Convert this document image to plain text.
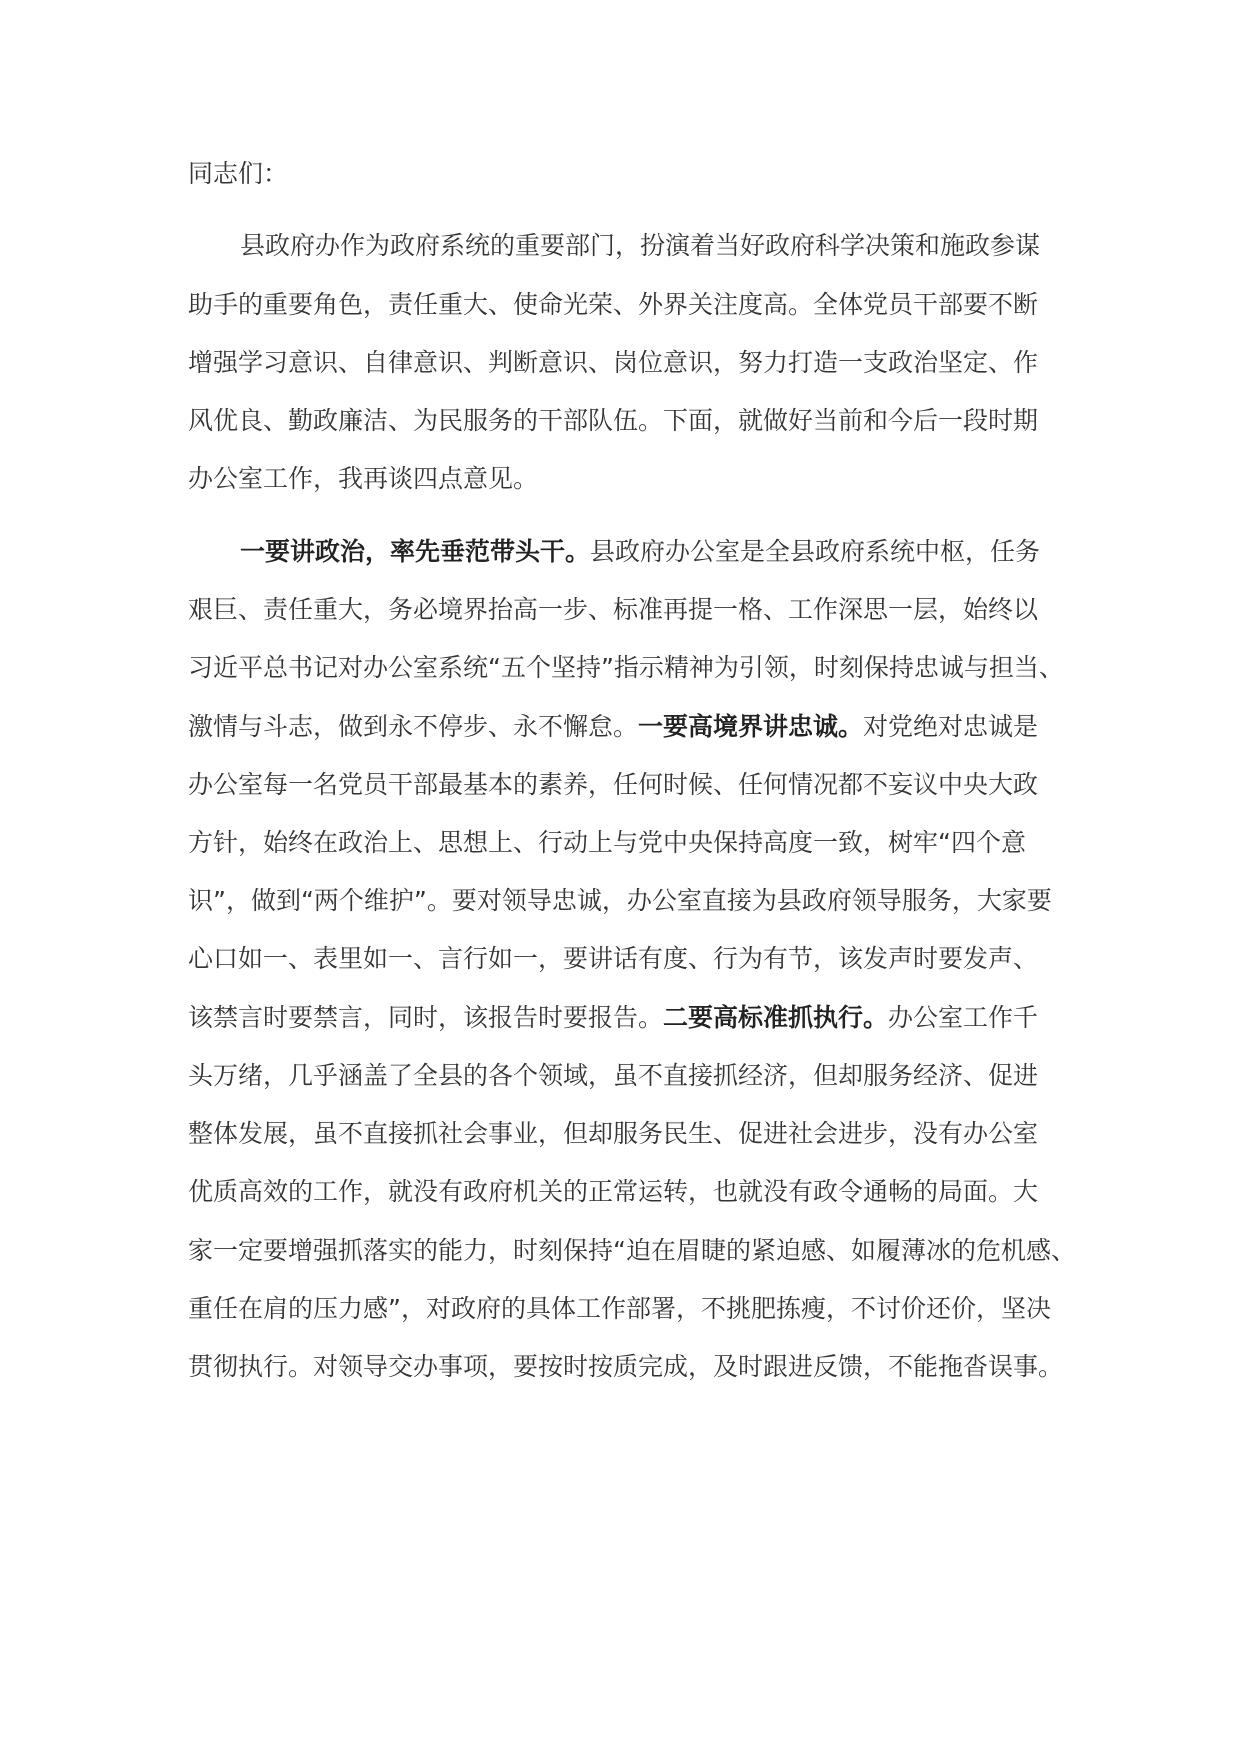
同志们：
县政府办作为政府系统的重要部门，扮演着当好政府科学决策和施政参谋
助手的重要角色，责任重大、使命光荣、外界关注度高。全体党员干部要不断
增强学习意识、自律意识、判断意识、岗位意识，努力打造一支政治坚定、作
风优良、勤政廉洁、为民服务的干部队伍。下面，就做好当前和今后一段时期
办公室工作，我再谈四点意见。
一要讲政治，率先垂范带头干。县政府办公室是全县政府系统中枢，任务
艰巨、责任重大，务必境界抬高一步、标准再提一格、工作深思一层，始终以
习近平总书记对办公室系统“五个坚持”指示精神为引领，时刻保持忠诚与担当、
激情与斗志，做到永不停步、永不懈怠。一要高境界讲忠诚。对党绝对忠诚是
办公室每一名党员干部最基本的素养，任何时候、任何情况都不妄议中央大政
方针，始终在政治上、思想上、行动上与党中央保持高度一致，树牢“四个意
识”，做到“两个维护”。要对领导忠诚，办公室直接为县政府领导服务，大家要
心口如一、表里如一、言行如一，要讲话有度、行为有节，该发声时要发声、
该禁言时要禁言，同时，该报告时要报告。二要高标准抓执行。办公室工作千
头万绪，几乎涵盖了全县的各个领域，虽不直接抓经济，但却服务经济、促进
整体发展，虽不直接抓社会事业，但却服务民生、促进社会进步，没有办公室
优质高效的工作，就没有政府机关的正常运转，也就没有政令通畅的局面。大
家一定要增强抓落实的能力，时刻保持“迫在眉睫的紧迫感、如履薄冰的危机感、
重任在肩的压力感”，对政府的具体工作部署，不挑肥拣瘦，不讨价还价，坚决
贯彻执行。对领导交办事项，要按时按质完成，及时跟进反馈，不能拖沓误事。
